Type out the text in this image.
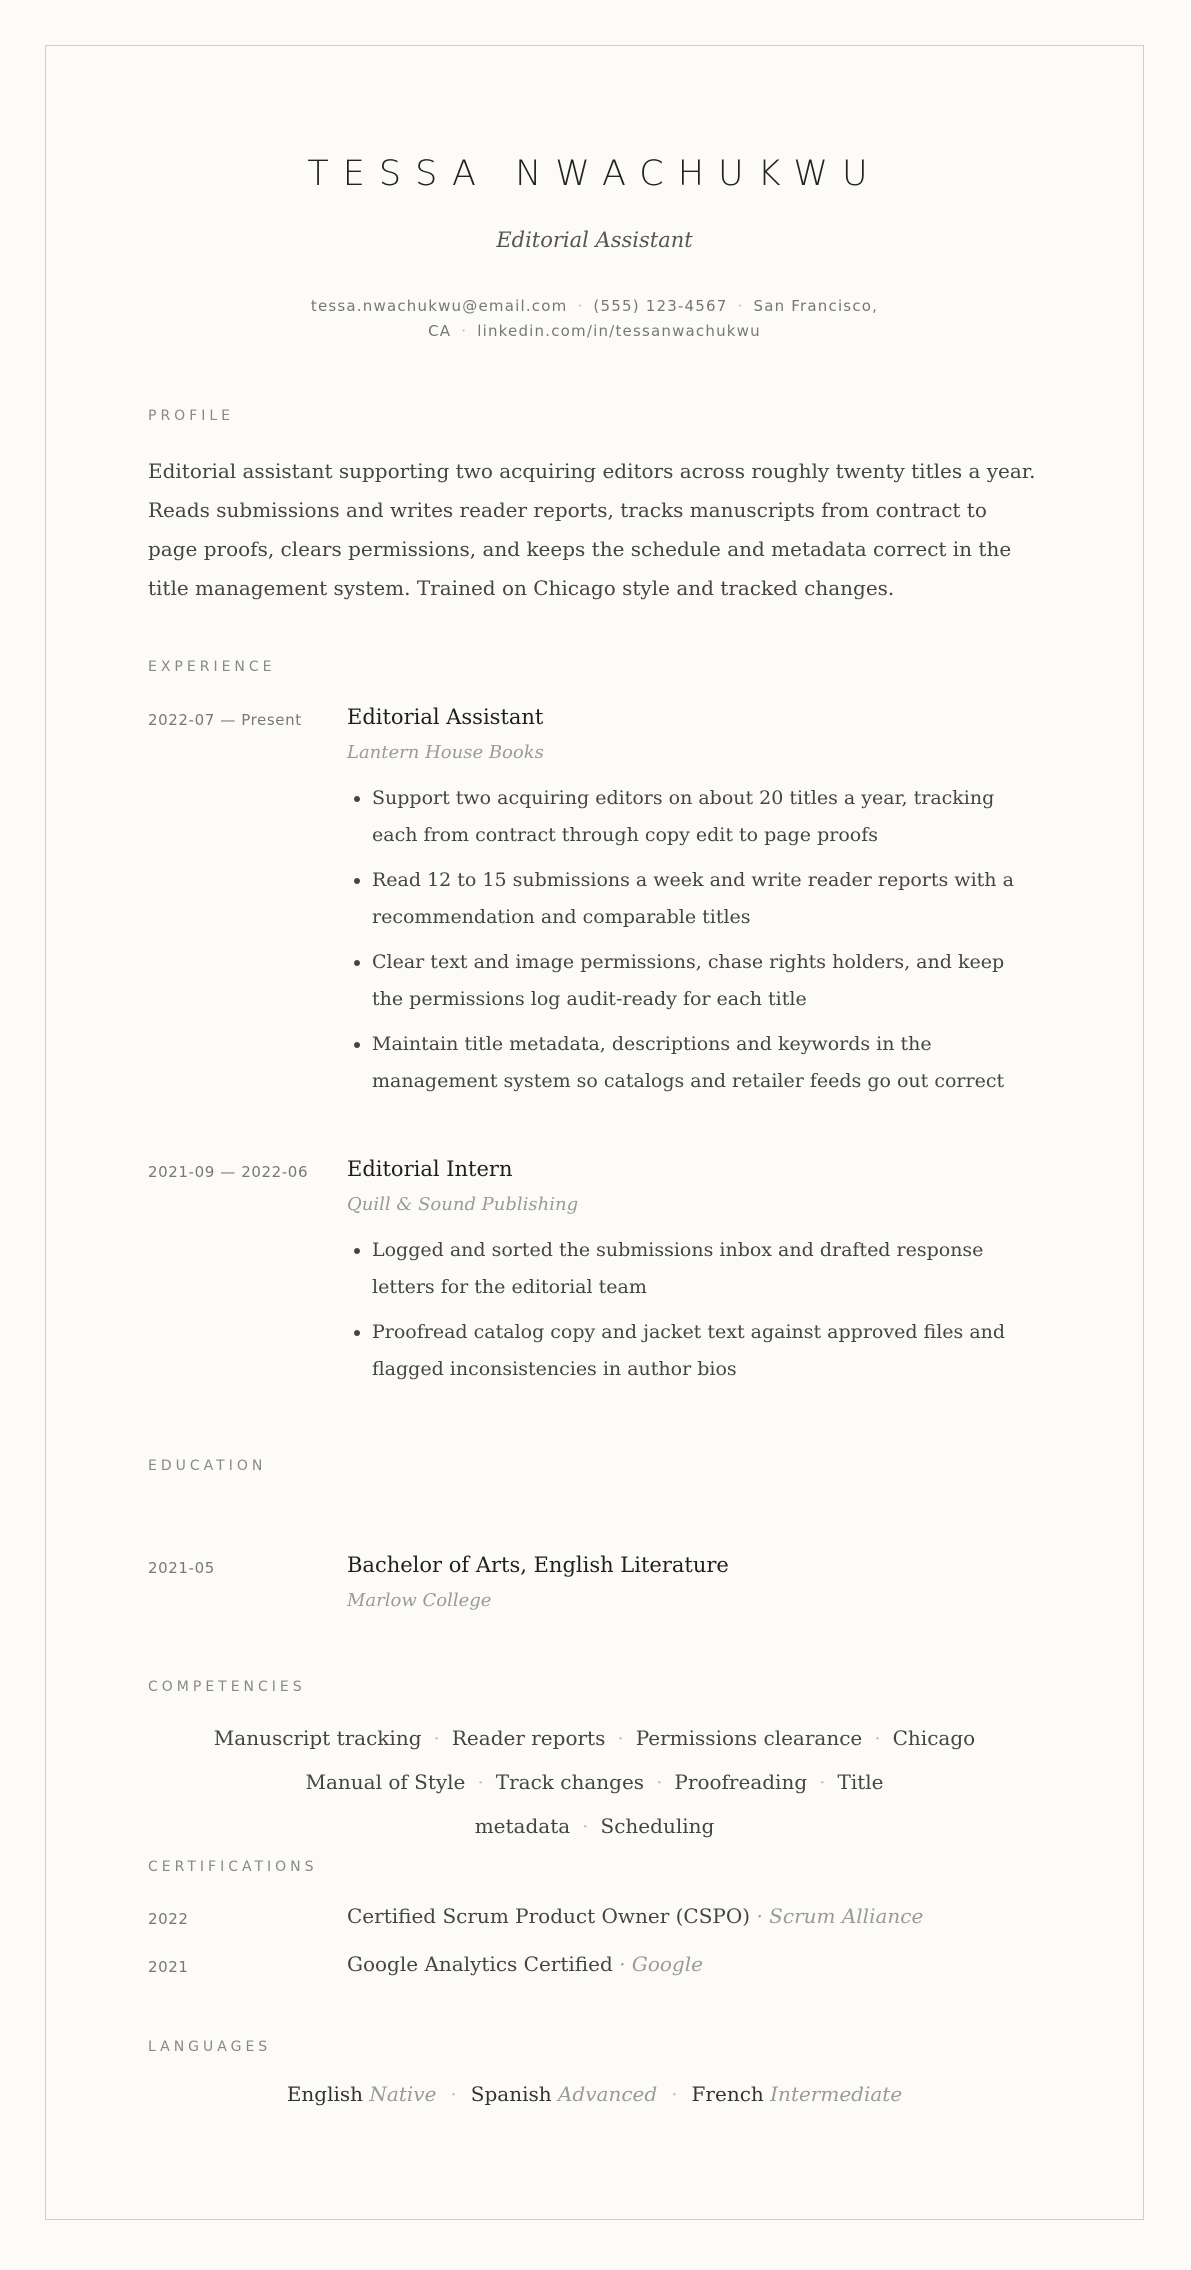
TESSA NWACHUKWU
Editorial Assistant
tessa.nwachukwu@email.com · (555) 123-4567 · San Francisco, CA · linkedin.com/in/tessanwachukwu
PROFILE
Editorial assistant supporting two acquiring editors across roughly twenty titles a year. Reads submissions and writes reader reports, tracks manuscripts from contract to page proofs, clears permissions, and keeps the schedule and metadata correct in the title management system. Trained on Chicago style and tracked changes.
EXPERIENCE
2022-07 — Present Editorial Assistant
Lantern House Books
• Support two acquiring editors on about 20 titles a year, tracking each from contract through copy edit to page proofs
• Read 12 to 15 submissions a week and write reader reports with a recommendation and comparable titles
• Clear text and image permissions, chase rights holders, and keep the permissions log audit-ready for each title
• Maintain title metadata, descriptions and keywords in the management system so catalogs and retailer feeds go out correct
2021-09 — 2022-06 Editorial Intern
Quill & Sound Publishing
• Logged and sorted the submissions inbox and drafted response letters for the editorial team
• Proofread catalog copy and jacket text against approved files and flagged inconsistencies in author bios
EDUCATION
2021-05	Bachelor of Arts, English Literature
Marlow College
COMPETENCIES
Manuscript tracking · Reader reports · Permissions clearance · Chicago Manual of Style · Track changes · Proofreading · Title metadata · Scheduling
CERTIFICATIONS
2022	Certified Scrum Product Owner (CSPO) · Scrum Alliance
2021	Google Analytics Certified · Google
LANGUAGES
English Native · Spanish Advanced · French Intermediate
